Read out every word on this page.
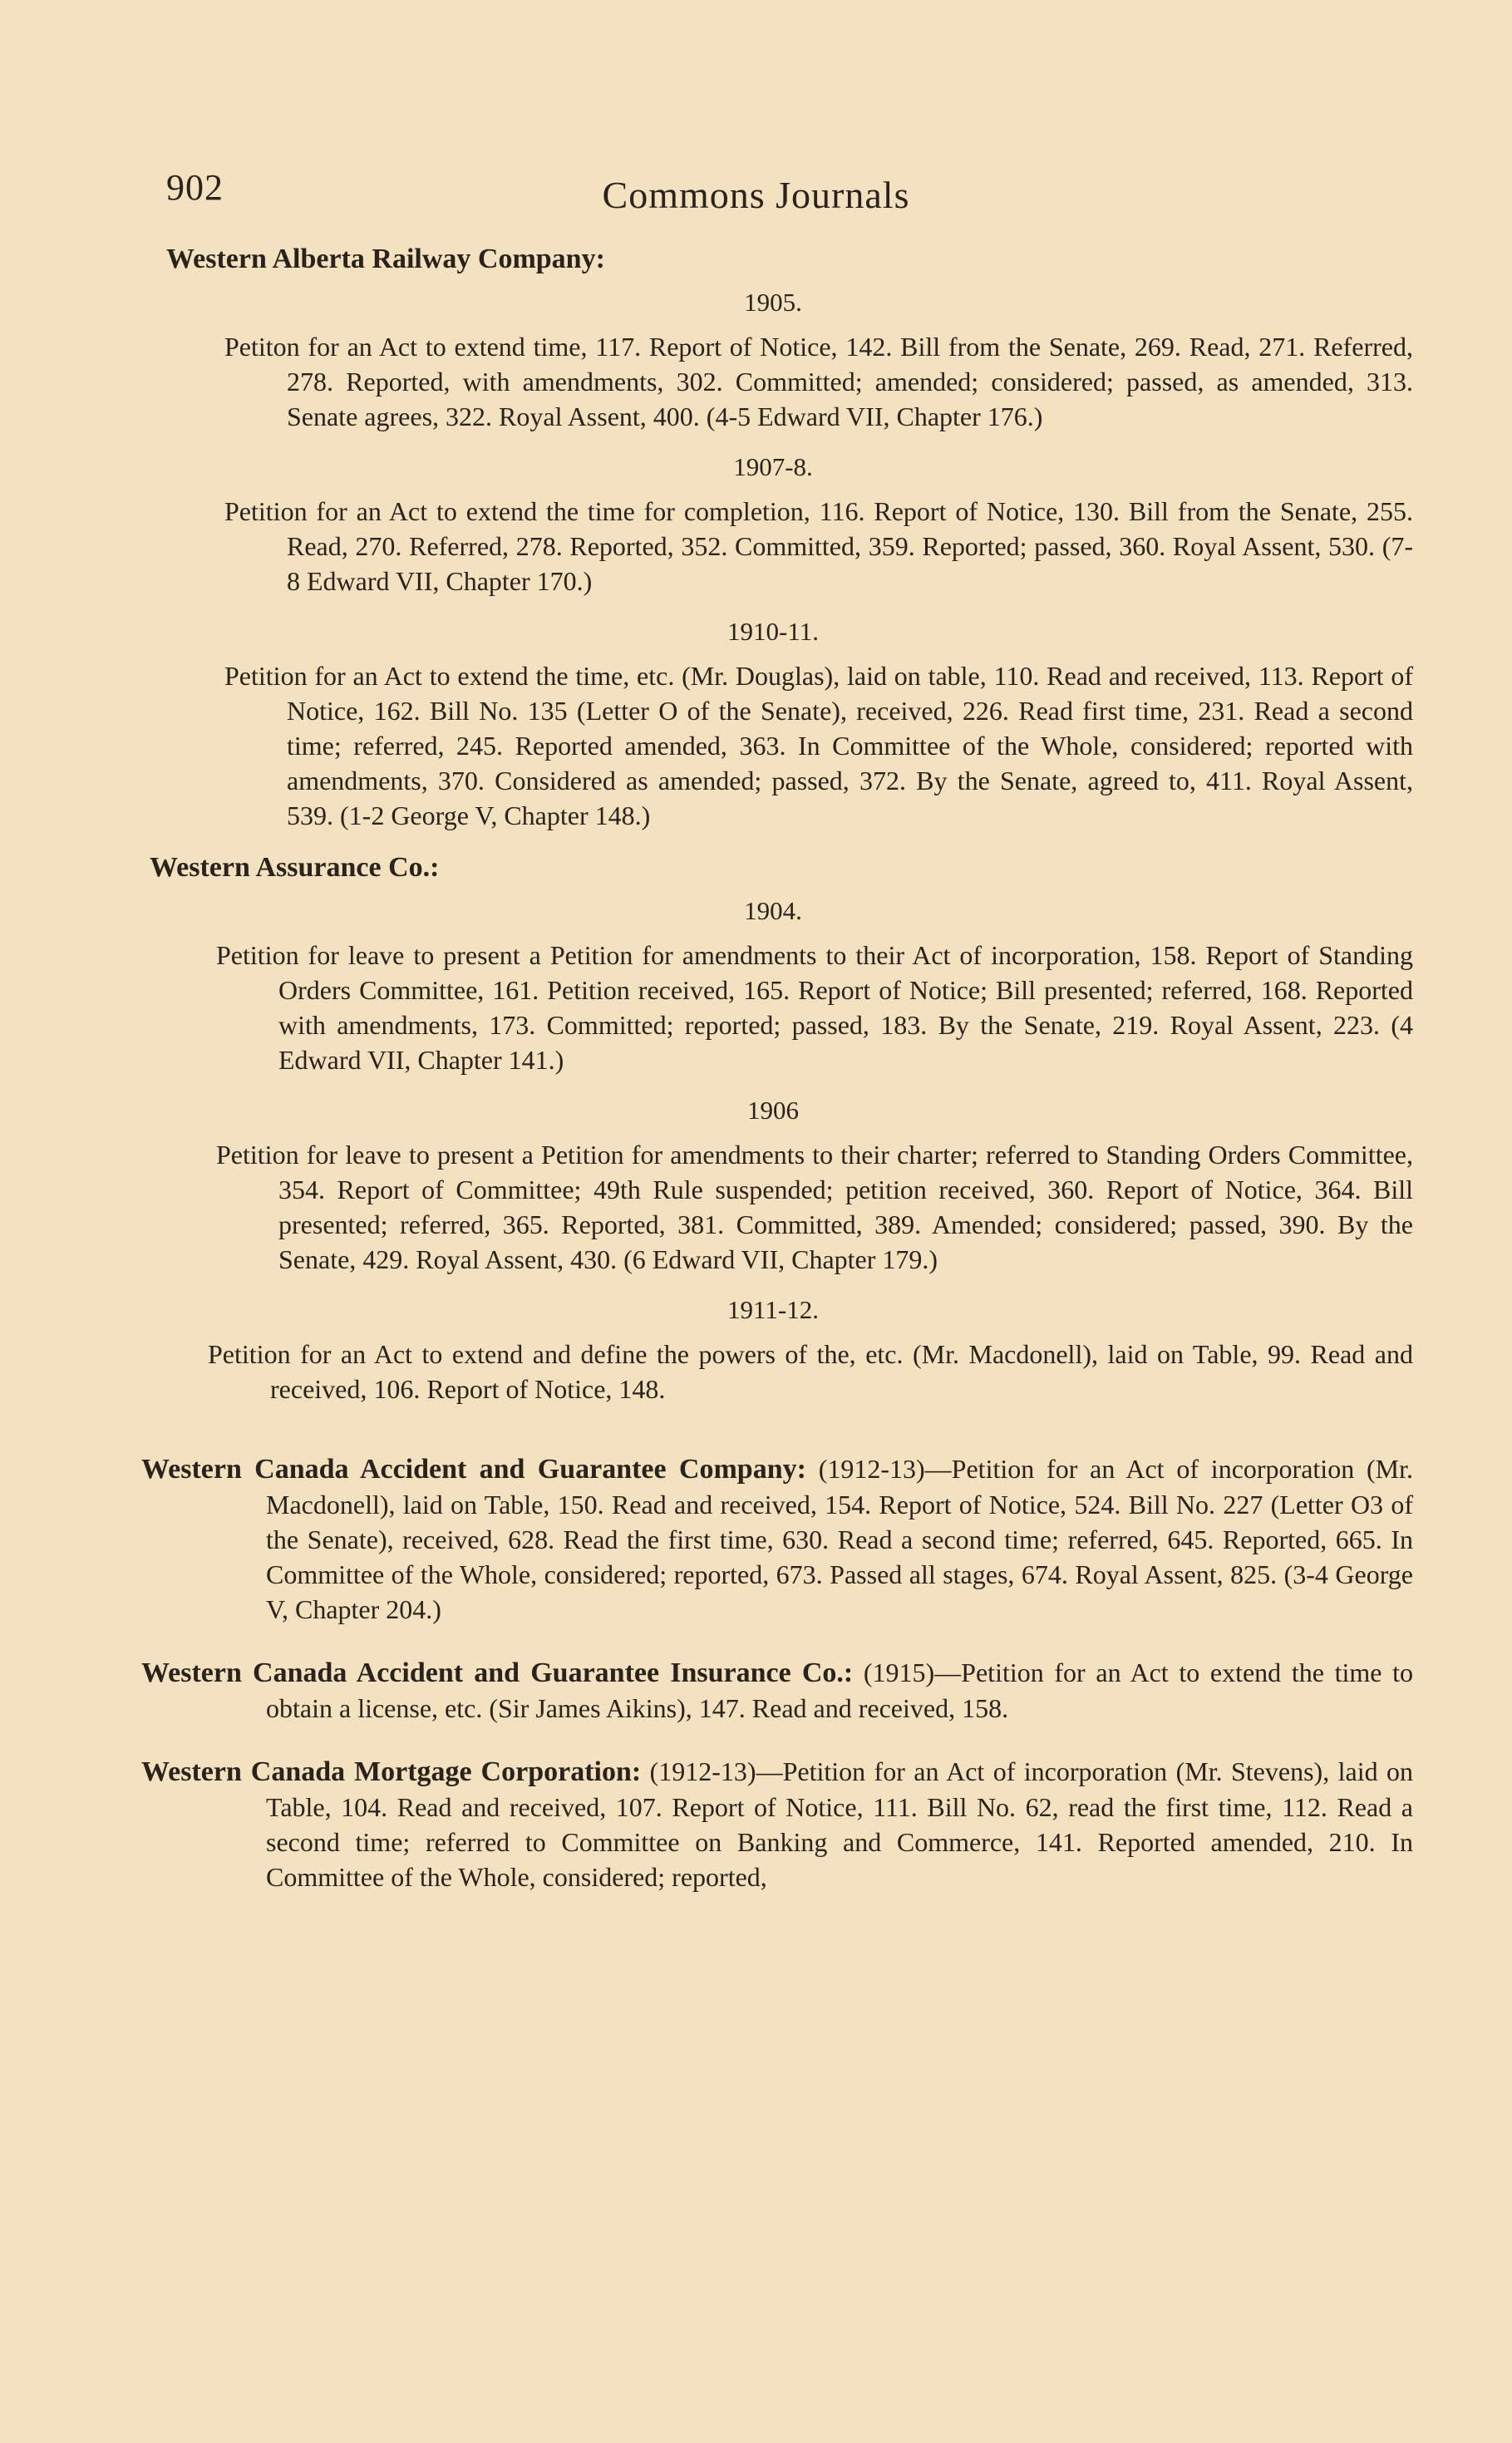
902	Commons Journals
Western Alberta Railway Company:
1905.

Petiton for an Act to extend time, 117. Report of Notice, 142. Bill from the Senate, 269. Read, 271. Referred, 278. Reported, with amendments, 302. Committed; amended; considered; passed, as amended, 313. Senate agrees, 322. Royal Assent, 400. (4-5 Edward VII, Chapter 176.)

1907-8.

Petition for an Act to extend the time for completion, 116. Report of Notice, 130. Bill from the Senate, 255. Read, 270. Referred, 278. Reported, 352. Committed, 359. Reported; passed, 360. Royal Assent, 530. (7-8 Edward VII, Chapter 170.)

1910-11.

Petition for an Act to extend the time, etc. (Mr. Douglas), laid on table, 110. Read and received, 113. Report of Notice, 162. Bill No. 135 (Letter O of the Senate), received, 226. Read first time, 231. Read a second time; referred, 245. Reported amended, 363. In Committee of the Whole, considered; reported with amendments, 370. Considered as amended; passed, 372. By the Senate, agreed to, 411. Royal Assent, 539. (1-2 George V, Chapter 148.)

Western Assurance Co.:
1904.

Petition for leave to present a Petition for amendments to their Act of incorporation, 158. Report of Standing Orders Committee, 161. Petition received, 165. Report of Notice; Bill presented; referred, 168. Reported with amendments, 173. Committed; reported; passed, 183. By the Senate, 219. Royal Assent, 223. (4 Edward VII, Chapter 141.)

1906

Petition for leave to present a Petition for amendments to their charter; referred to Standing Orders Committee, 354. Report of Committee; 49th Rule suspended; petition received, 360. Report of Notice, 364. Bill presented; referred, 365. Reported, 381. Committed, 389. Amended; considered; passed, 390. By the Senate, 429. Royal Assent, 430. (6 Edward VII, Chapter 179.)

1911-12.

Petition for an Act to extend and define the powers of the, etc. (Mr. Macdonell), laid on Table, 99. Read and received, 106. Report of Notice, 148.

Western Canada Accident and Guarantee Company: (1912-13)—Petition for an Act of incorporation (Mr. Macdonell), laid on Table, 150. Read and received, 154. Report of Notice, 524. Bill No. 227 (Letter O3 of the Senate), received, 628. Read the first time, 630. Read a second time; referred, 645. Reported, 665. In Committee of the Whole, considered; reported, 673. Passed all stages, 674. Royal Assent, 825. (3-4 George V, Chapter 204.)

Western Canada Accident and Guarantee Insurance Co.: (1915)—Petition for an Act to extend the time to obtain a license, etc. (Sir James Aikins), 147. Read and received, 158.

Western Canada Mortgage Corporation: (1912-13)—Petition for an Act of incorporation (Mr. Stevens), laid on Table, 104. Read and received, 107. Report of Notice, 111. Bill No. 62, read the first time, 112. Read a second time; referred to Committee on Banking and Commerce, 141. Reported amended, 210. In Committee of the Whole, considered; reported,
